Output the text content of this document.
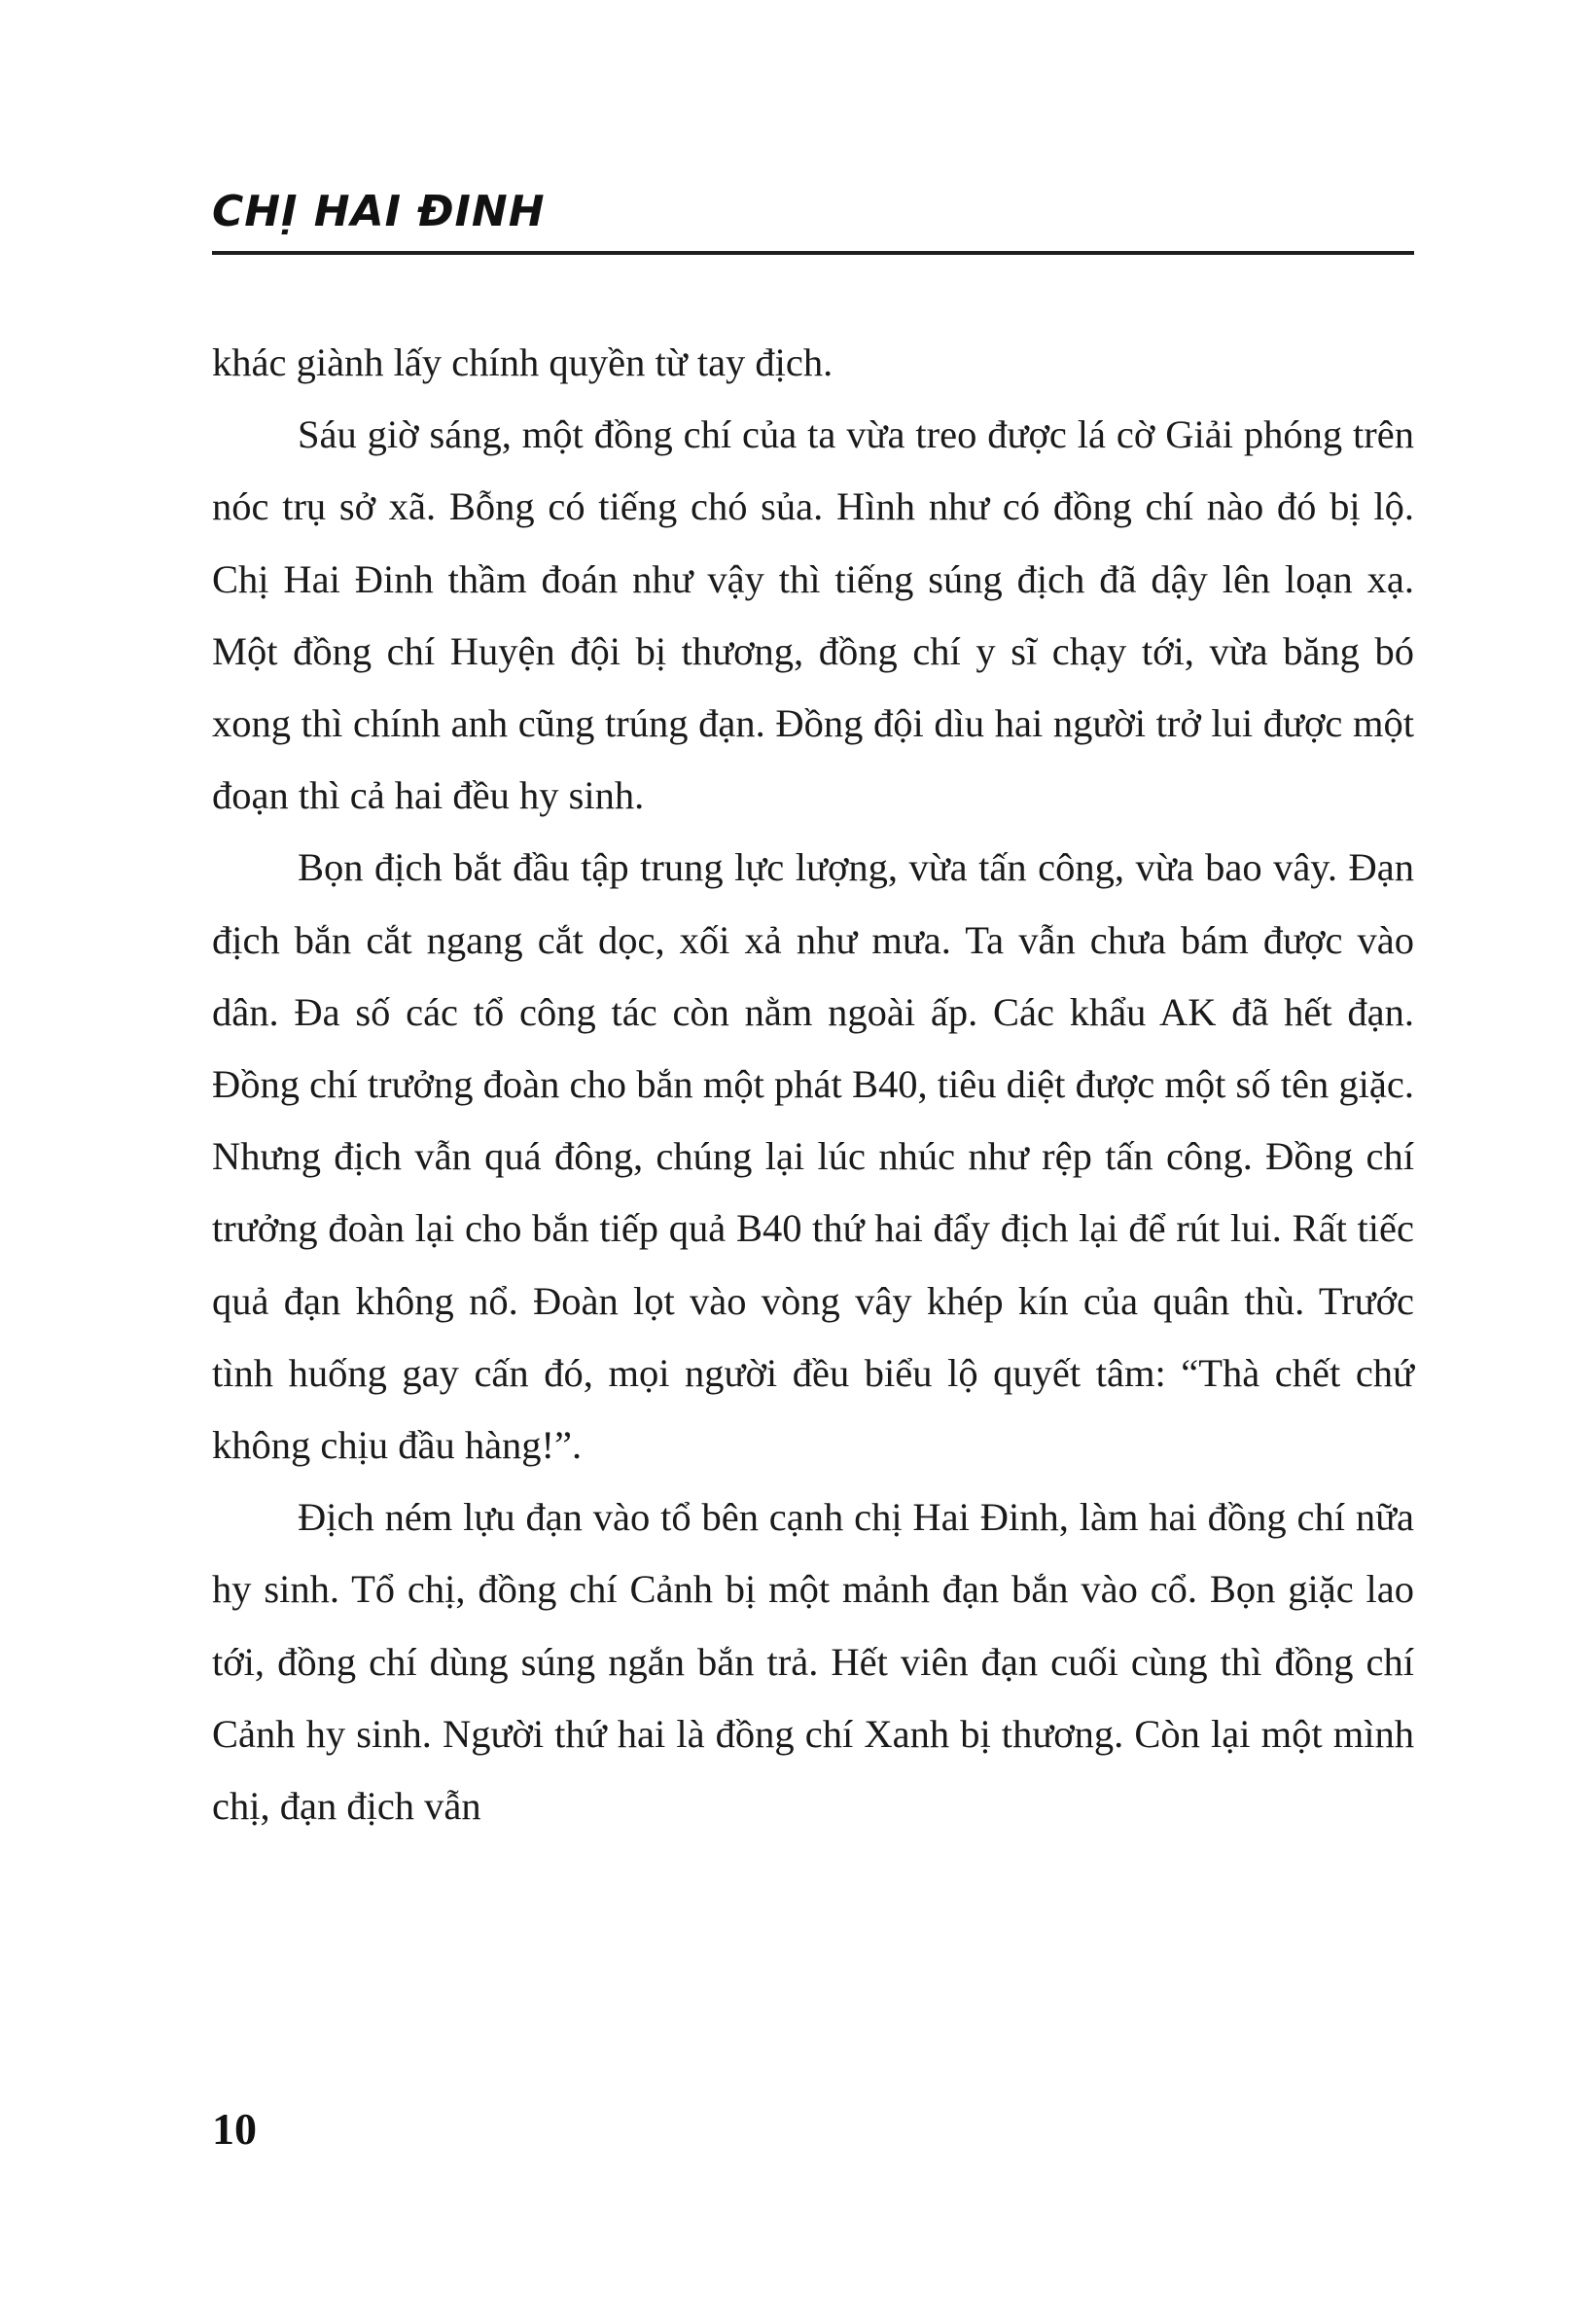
CHỊ HAI ĐINH

khác giành lấy chính quyền từ tay địch.

Sáu giờ sáng, một đồng chí của ta vừa treo được lá cờ Giải phóng trên nóc trụ sở xã. Bỗng có tiếng chó sủa. Hình như có đồng chí nào đó bị lộ. Chị Hai Đinh thầm đoán như vậy thì tiếng súng địch đã dậy lên loạn xạ. Một đồng chí Huyện đội bị thương, đồng chí y sĩ chạy tới, vừa băng bó xong thì chính anh cũng trúng đạn. Đồng đội dìu hai người trở lui được một đoạn thì cả hai đều hy sinh.

Bọn địch bắt đầu tập trung lực lượng, vừa tấn công, vừa bao vây. Đạn địch bắn cắt ngang cắt dọc, xối xả như mưa. Ta vẫn chưa bám được vào dân. Đa số các tổ công tác còn nằm ngoài ấp. Các khẩu AK đã hết đạn. Đồng chí trưởng đoàn cho bắn một phát B40, tiêu diệt được một số tên giặc. Nhưng địch vẫn quá đông, chúng lại lúc nhúc như rệp tấn công. Đồng chí trưởng đoàn lại cho bắn tiếp quả B40 thứ hai đẩy địch lại để rút lui. Rất tiếc quả đạn không nổ. Đoàn lọt vào vòng vây khép kín của quân thù. Trước tình huống gay cấn đó, mọi người đều biểu lộ quyết tâm: “Thà chết chứ không chịu đầu hàng!”.

Địch ném lựu đạn vào tổ bên cạnh chị Hai Đinh, làm hai đồng chí nữa hy sinh. Tổ chị, đồng chí Cảnh bị một mảnh đạn bắn vào cổ. Bọn giặc lao tới, đồng chí dùng súng ngắn bắn trả. Hết viên đạn cuối cùng thì đồng chí Cảnh hy sinh. Người thứ hai là đồng chí Xanh bị thương. Còn lại một mình chị, đạn địch vẫn

10
